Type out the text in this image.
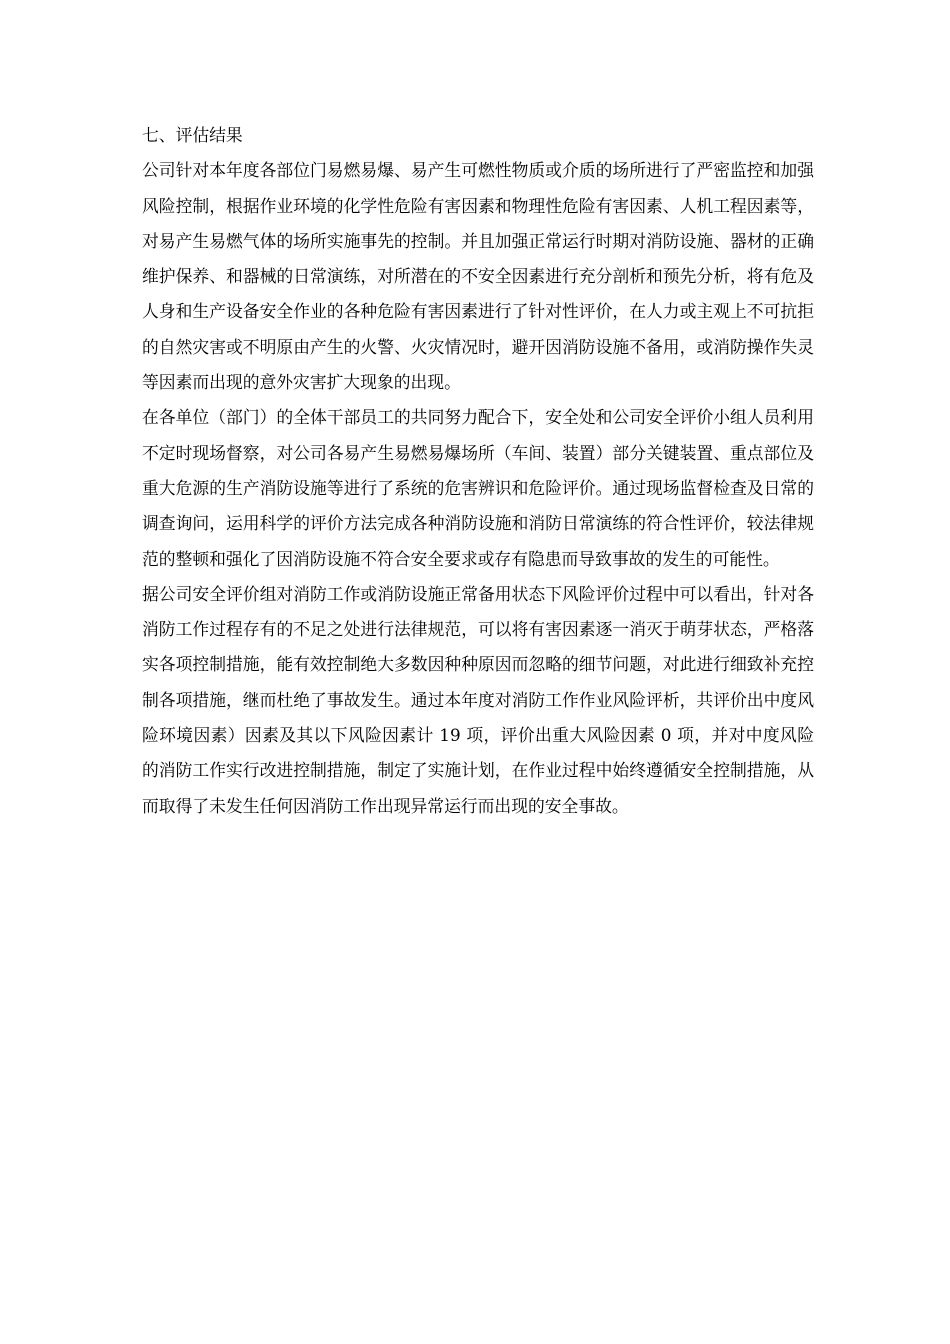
七、评估结果

公司针对本年度各部位门易燃易爆、易产生可燃性物质或介质的场所进行了严密监控和加强风险控制，根据作业环境的化学性危险有害因素和物理性危险有害因素、人机工程因素等，对易产生易燃气体的场所实施事先的控制。并且加强正常运行时期对消防设施、器材的正确维护保养、和器械的日常演练，对所潜在的不安全因素进行充分剖析和预先分析，将有危及人身和生产设备安全作业的各种危险有害因素进行了针对性评价，在人力或主观上不可抗拒的自然灾害或不明原由产生的火警、火灾情况时，避开因消防设施不备用，或消防操作失灵等因素而出现的意外灾害扩大现象的出现。

在各单位（部门）的全体干部员工的共同努力配合下，安全处和公司安全评价小组人员利用不定时现场督察，对公司各易产生易燃易爆场所（车间、装置）部分关键装置、重点部位及重大危源的生产消防设施等进行了系统的危害辨识和危险评价。通过现场监督检查及日常的调查询问，运用科学的评价方法完成各种消防设施和消防日常演练的符合性评价，较法律规范的整顿和强化了因消防设施不符合安全要求或存有隐患而导致事故的发生的可能性。

据公司安全评价组对消防工作或消防设施正常备用状态下风险评价过程中可以看出，针对各消防工作过程存有的不足之处进行法律规范，可以将有害因素逐一消灭于萌芽状态，严格落实各项控制措施，能有效控制绝大多数因种种原因而忽略的细节问题，对此进行细致补充控制各项措施，继而杜绝了事故发生。通过本年度对消防工作作业风险评析，共评价出中度风险环境因素）因素及其以下风险因素计 19 项，评价出重大风险因素 0 项，并对中度风险的消防工作实行改进控制措施，制定了实施计划，在作业过程中始终遵循安全控制措施，从而取得了未发生任何因消防工作出现异常运行而出现的安全事故。
